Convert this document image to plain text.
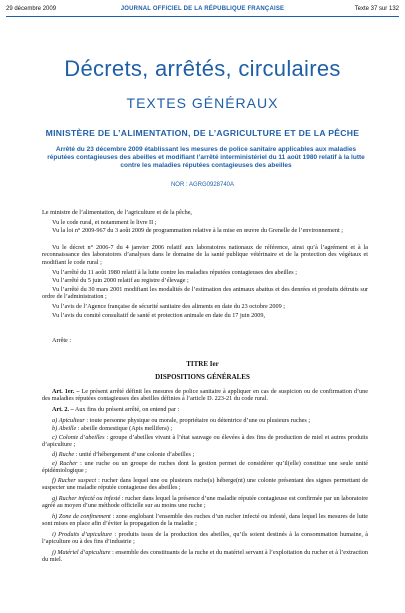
29 décembre 2009	JOURNAL OFFICIEL DE LA RÉPUBLIQUE FRANÇAISE	Texte 37 sur 132
Décrets, arrêtés, circulaires
TEXTES GÉNÉRAUX
MINISTÈRE DE L’ALIMENTATION, DE L’AGRICULTURE ET DE LA PÊCHE
Arrêté du 23 décembre 2009 établissant les mesures de police sanitaire applicables aux maladies réputées contagieuses des abeilles et modifiant l’arrêté interministériel du 11 août 1980 relatif à la lutte contre les maladies réputées contagieuses des abeilles
NOR : AGRG0928740A
Le ministre de l’alimentation, de l’agriculture et de la pêche,
Vu le code rural, et notamment le livre II ;
Vu la loi n° 2009-967 du 3 août 2009 de programmation relative à la mise en œuvre du Grenelle de l’environnement ;
Vu le décret n° 2006-7 du 4 janvier 2006 relatif aux laboratoires nationaux de référence, ainsi qu’à l’agrément et à la reconnaissance des laboratoires d’analyses dans le domaine de la santé publique vétérinaire et de la protection des végétaux et modifiant le code rural ;
Vu l’arrêté du 11 août 1980 relatif à la lutte contre les maladies réputées contagieuses des abeilles ;
Vu l’arrêté du 5 juin 2000 relatif au registre d’élevage ;
Vu l’arrêté du 30 mars 2001 modifiant les modalités de l’estimation des animaux abattus et des denrées et produits détruits sur ordre de l’administration ;
Vu l’avis de l’Agence française de sécurité sanitaire des aliments en date du 23 octobre 2009 ;
Vu l’avis du comité consultatif de santé et protection animale en date du 17 juin 2009,
Arrête :
TITRE Ier
DISPOSITIONS GÉNÉRALES
Art. 1er. – Le présent arrêté définit les mesures de police sanitaire à appliquer en cas de suspicion ou de confirmation d’une des maladies réputées contagieuses des abeilles définies à l’article D. 223-21 du code rural.
Art. 2. – Aux fins du présent arrêté, on entend par :
a) Apiculteur : toute personne physique ou morale, propriétaire ou détentrice d’une ou plusieurs ruches ;
b) Abeille : abeille domestique (Apis mellifera) ;
c) Colonie d’abeilles : groupe d’abeilles vivant à l’état sauvage ou élevées à des fins de production de miel et autres produits d’apiculture ;
d) Ruche : unité d’hébergement d’une colonie d’abeilles ;
e) Rucher : une ruche ou un groupe de ruches dont la gestion permet de considérer qu’il(elle) constitue une seule unité épidémiologique ;
f) Rucher suspect : rucher dans lequel une ou plusieurs ruche(s) héberge(nt) une colonie présentant des signes permettant de suspecter une maladie réputée contagieuse des abeilles ;
g) Rucher infecté ou infesté : rucher dans lequel la présence d’une maladie réputée contagieuse est confirmée par un laboratoire agréé au moyen d’une méthode officielle sur au moins une ruche ;
h) Zone de confinement : zone englobant l’ensemble des ruches d’un rucher infecté ou infesté, dans lequel les mesures de lutte sont mises en place afin d’éviter la propagation de la maladie ;
i) Produits d’apiculture : produits issus de la production des abeilles, qu’ils soient destinés à la consommation humaine, à l’apiculture ou à des fins d’industrie ;
j) Matériel d’apiculture : ensemble des constituants de la ruche et du matériel servant à l’exploitation du rucher et à l’extraction du miel.
